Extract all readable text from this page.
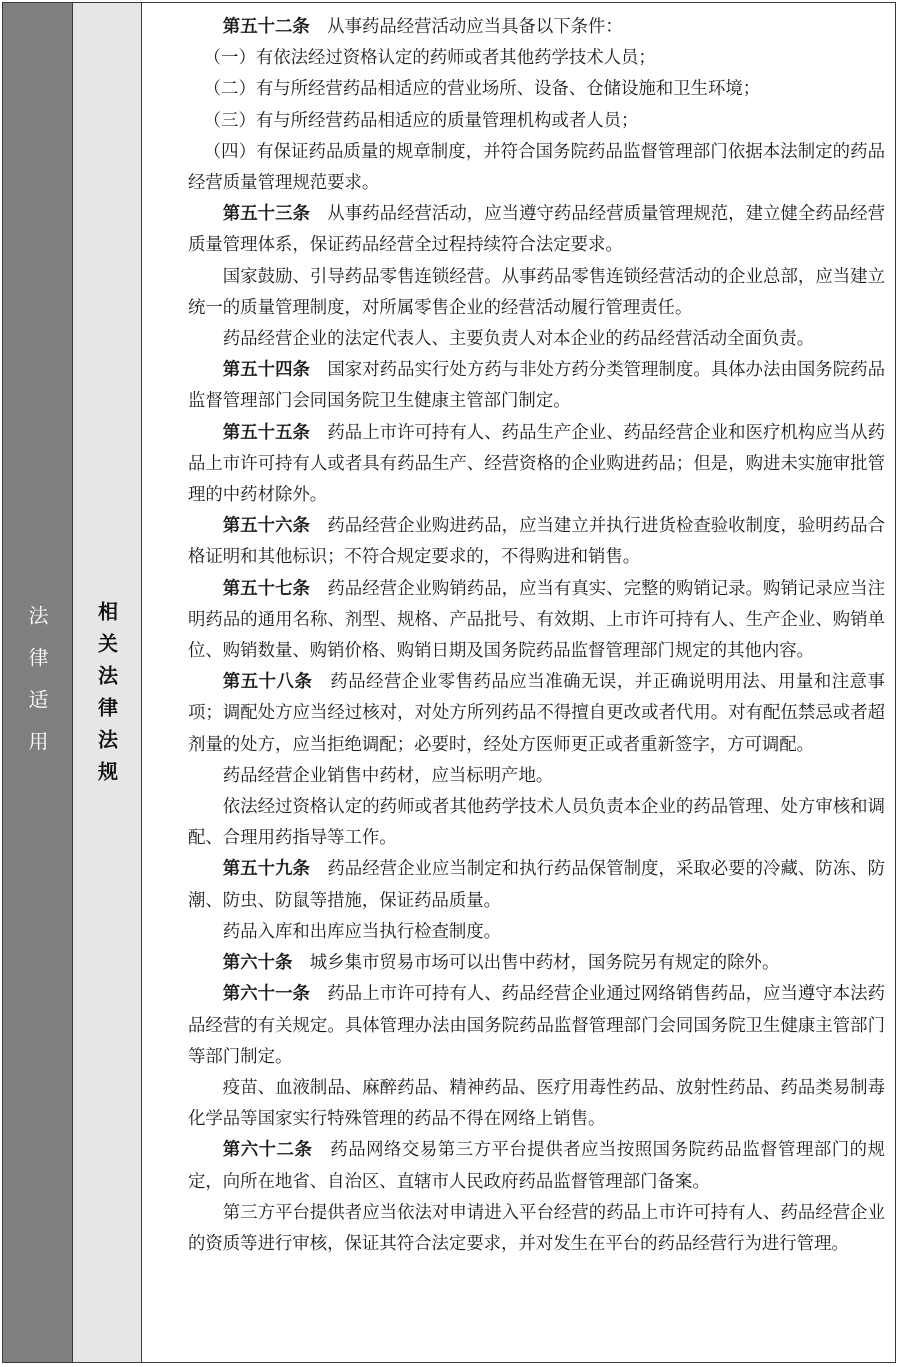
法律适用 相关法律法规

第五十二条　 从事药品经营活动应当具备以下条件：

（一）有依法经过资格认定的药师或者其他药学技术人员；

（二）有与所经营药品相适应的营业场所、设备、仓储设施和卫生环境；

（三）有与所经营药品相适应的质量管理机构或者人员；

（四）有保证药品质量的规章制度，并符合国务院药品监督管理部门依据本法制定的药品经营质量管理规范要求。

第五十三条　 从事药品经营活动，应当遵守药品经营质量管理规范，建立健全药品经营质量管理体系，保证药品经营全过程持续符合法定要求。

国家鼓励、引导药品零售连锁经营。从事药品零售连锁经营活动的企业总部，应当建立统一的质量管理制度，对所属零售企业的经营活动履行管理责任。

药品经营企业的法定代表人、主要负责人对本企业的药品经营活动全面负责。

第五十四条　 国家对药品实行处方药与非处方药分类管理制度。具体办法由国务院药品监督管理部门会同国务院卫生健康主管部门制定。

第五十五条　 药品上市许可持有人、药品生产企业、药品经营企业和医疗机构应当从药品上市许可持有人或者具有药品生产、经营资格的企业购进药品；但是，购进未实施审批管理的中药材除外。

第五十六条　 药品经营企业购进药品，应当建立并执行进货检查验收制度，验明药品合格证明和其他标识；不符合规定要求的，不得购进和销售。

第五十七条　 药品经营企业购销药品，应当有真实、完整的购销记录。购销记录应当注明药品的通用名称、剂型、规格、产品批号、有效期、上市许可持有人、生产企业、购销单位、购销数量、购销价格、购销日期及国务院药品监督管理部门规定的其他内容。

第五十八条　 药品经营企业零售药品应当准确无误，并正确说明用法、用量和注意事项；调配处方应当经过核对，对处方所列药品不得擅自更改或者代用。对有配伍禁忌或者超剂量的处方，应当拒绝调配；必要时，经处方医师更正或者重新签字，方可调配。

药品经营企业销售中药材，应当标明产地。

依法经过资格认定的药师或者其他药学技术人员负责本企业的药品管理、处方审核和调配、合理用药指导等工作。

第五十九条　 药品经营企业应当制定和执行药品保管制度，采取必要的冷藏、防冻、防潮、防虫、防鼠等措施，保证药品质量。

药品入库和出库应当执行检查制度。

第六十条　 城乡集市贸易市场可以出售中药材，国务院另有规定的除外。

第六十一条　 药品上市许可持有人、药品经营企业通过网络销售药品，应当遵守本法药品经营的有关规定。具体管理办法由国务院药品监督管理部门会同国务院卫生健康主管部门等部门制定。

疫苗、血液制品、麻醉药品、精神药品、医疗用毒性药品、放射性药品、药品类易制毒化学品等国家实行特殊管理的药品不得在网络上销售。

第六十二条　 药品网络交易第三方平台提供者应当按照国务院药品监督管理部门的规定，向所在地省、自治区、直辖市人民政府药品监督管理部门备案。

第三方平台提供者应当依法对申请进入平台经营的药品上市许可持有人、药品经营企业的资质等进行审核，保证其符合法定要求，并对发生在平台的药品经营行为进行管理。
